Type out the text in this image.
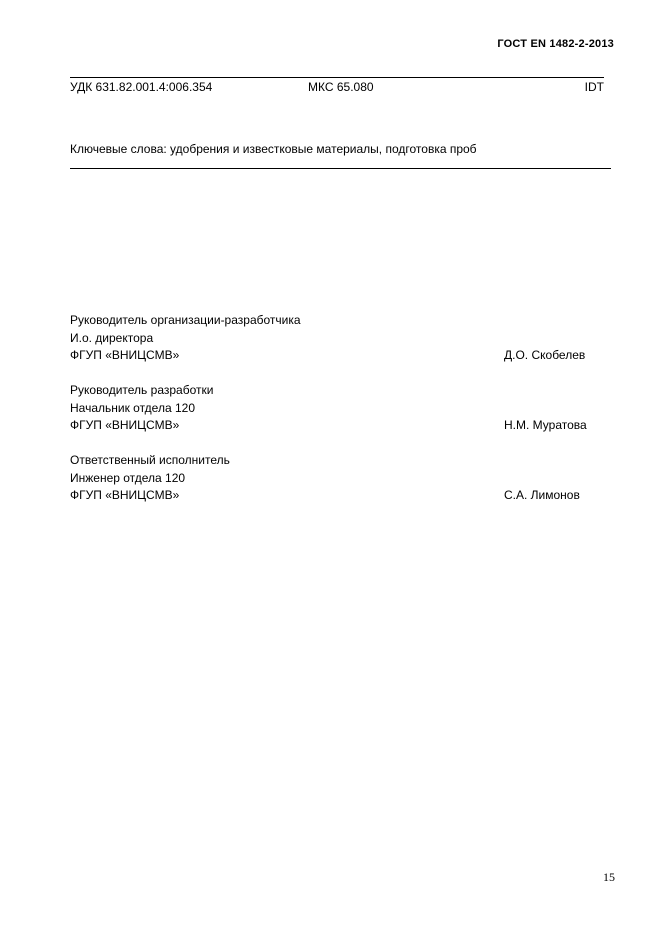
ГОСТ EN 1482-2-2013
УДК 631.82.001.4:006.354	МКС 65.080	IDT
Ключевые слова: удобрения и известковые материалы, подготовка проб
Руководитель организации-разработчика
И.о. директора
ФГУП «ВНИЦСМВ»	Д.О. Скобелев
Руководитель разработки
Начальник отдела 120
ФГУП «ВНИЦСМВ»	Н.М. Муратова
Ответственный исполнитель
Инженер отдела 120
ФГУП «ВНИЦСМВ»	С.А. Лимонов
15
